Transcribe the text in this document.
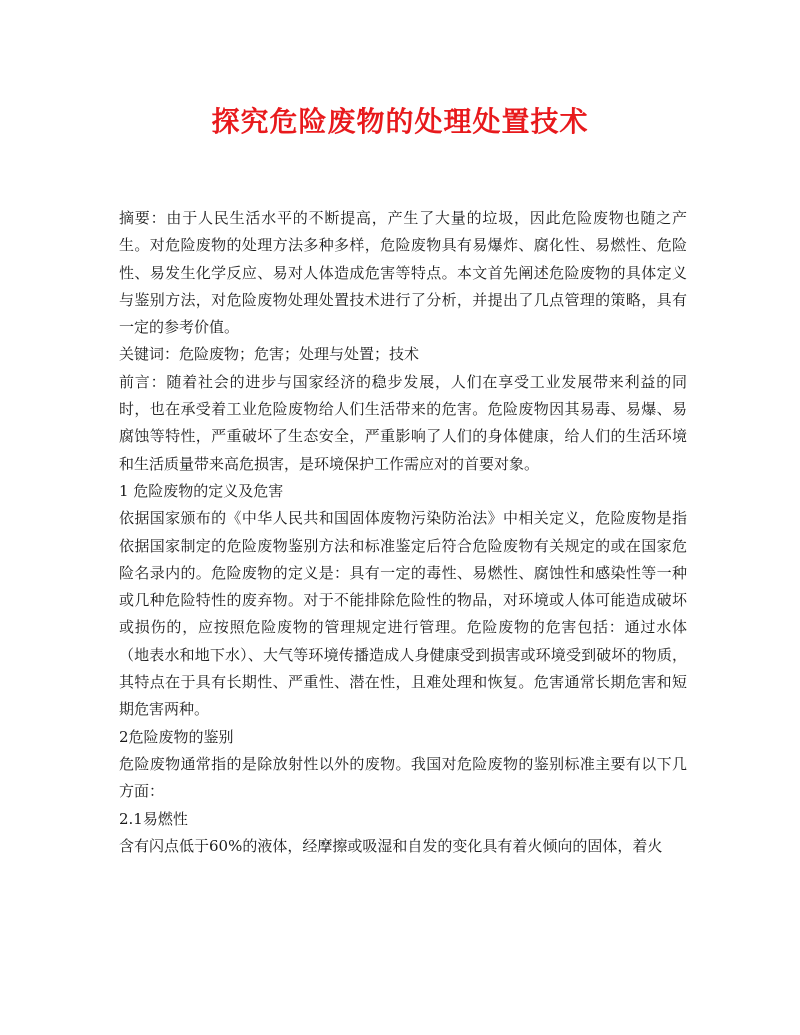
探究危险废物的处理处置技术

摘要：由于人民生活水平的不断提高，产生了大量的垃圾，因此危险废物也随之产生。对危险废物的处理方法多种多样，危险废物具有易爆炸、腐化性、易燃性、危险性、易发生化学反应、易对人体造成危害等特点。本文首先阐述危险废物的具体定义与鉴别方法，对危险废物处理处置技术进行了分析，并提出了几点管理的策略，具有一定的参考价值。

关键词：危险废物；危害；处理与处置；技术

前言：随着社会的进步与国家经济的稳步发展，人们在享受工业发展带来利益的同时，也在承受着工业危险废物给人们生活带来的危害。危险废物因其易毒、易爆、易腐蚀等特性，严重破坏了生态安全，严重影响了人们的身体健康，给人们的生活环境和生活质量带来高危损害，是环境保护工作需应对的首要对象。

1 危险废物的定义及危害

依据国家颁布的《中华人民共和国固体废物污染防治法》中相关定义，危险废物是指依据国家制定的危险废物鉴别方法和标准鉴定后符合危险废物有关规定的或在国家危险名录内的。危险废物的定义是：具有一定的毒性、易燃性、腐蚀性和感染性等一种或几种危险特性的废弃物。对于不能排除危险性的物品，对环境或人体可能造成破坏或损伤的，应按照危险废物的管理规定进行管理。危险废物的危害包括：通过水体（地表水和地下水）、大气等环境传播造成人身健康受到损害或环境受到破坏的物质，其特点在于具有长期性、严重性、潜在性，且难处理和恢复。危害通常长期危害和短期危害两种。

2危险废物的鉴别

危险废物通常指的是除放射性以外的废物。我国对危险废物的鉴别标准主要有以下几方面：

2.1易燃性

含有闪点低于60%的液体，经摩擦或吸湿和自发的变化具有着火倾向的固体，着火
